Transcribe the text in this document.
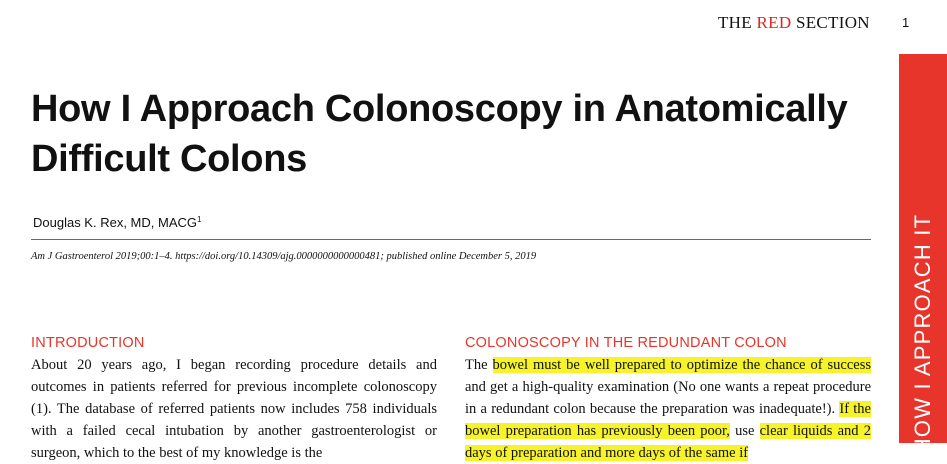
THE RED SECTION 1
HOW I APPROACH IT
How I Approach Colonoscopy in Anatomically Difficult Colons
Douglas K. Rex, MD, MACG$^1$
Am J Gastroenterol 2019;00:1–4. https://doi.org/10.14309/ajg.0000000000000481; published online December 5, 2019
INTRODUCTION

About 20 years ago, I began recording procedure details and outcomes in patients referred for previous incomplete colonoscopy (1). The database of referred patients now includes 758 individuals with a failed cecal intubation by another gastroenterologist or surgeon, which to the best of my knowledge is the

COLONOSCOPY IN THE REDUNDANT COLON

The bowel must be well prepared to optimize the chance of success and get a high-quality examination (No one wants a repeat procedure in a redundant colon because the preparation was inadequate!). If the bowel preparation has previously been poor, use clear liquids and 2 days of preparation and more days of the same if
